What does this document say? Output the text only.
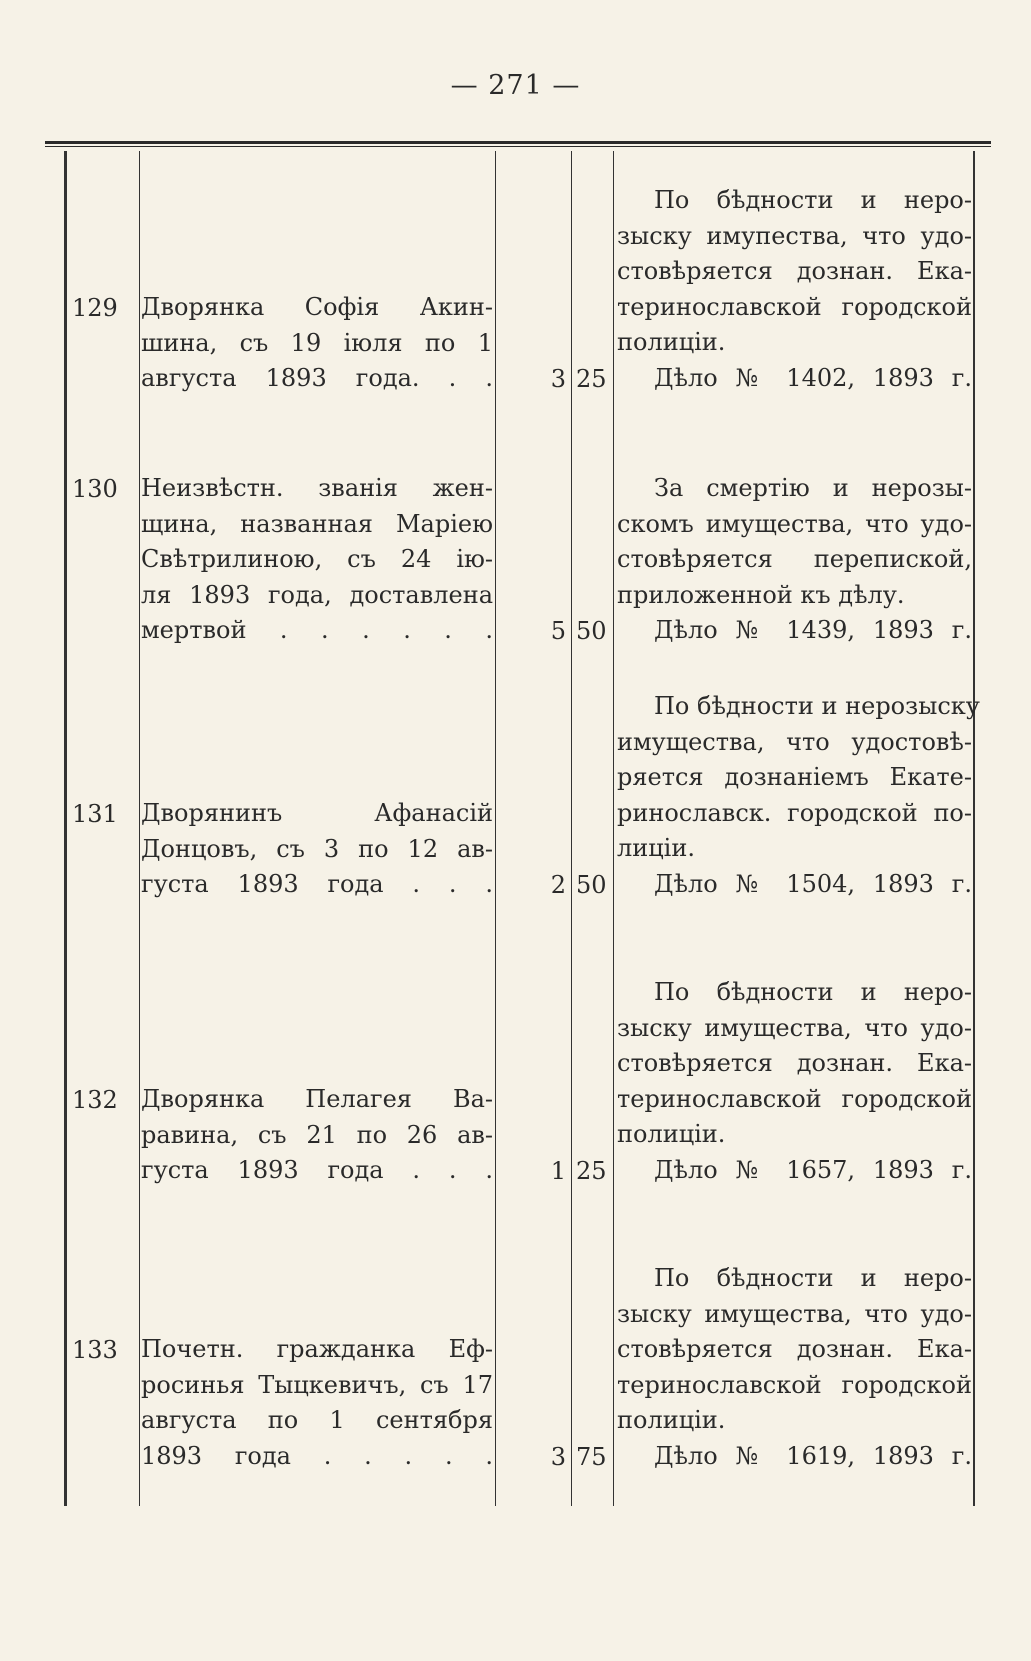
— 271 —
129 Дворянка Софія Акин-
шина, съ 19 іюля по 1
августа 1893 года. . .	3 25
По бѣдности и неро-
зыску имупества, что удо-
стовѣряется дознан. Ека-
теринославской городской
полиціи.
Дѣло № 1402, 1893 г.
130 Неизвѣстн. званія жен-
щина, названная Маріею
Свѣтрилиною, съ 24 ію-
ля 1893 года, доставлена
мертвой . . . . . .	5 50
За смертію и нерозы-
скомъ имущества, что удо-
стовѣряется перепиской,
приложенной къ дѣлу.
Дѣло № 1439, 1893 г.
131 Дворянинъ Афанасій
Донцовъ, съ 3 по 12 ав-
густа 1893 года . . .	2 50
По бѣдности и нерозыску
имущества, что удостовѣ-
ряется дознаніемъ Екате-
ринославск. городской по-
лиціи.
Дѣло № 1504, 1893 г.
132 Дворянка Пелагея Ва-
равина, съ 21 по 26 ав-
густа 1893 года . . .	1 25
По бѣдности и неро-
зыску имущества, что удо-
стовѣряется дознан. Ека-
теринославской городской
полиціи.
Дѣло № 1657, 1893 г.
133 Почетн. гражданка Еф-
росинья Тыцкевичъ, съ 17
августа по 1 сентября
1893 года . . . . .	3 75
По бѣдности и неро-
зыску имущества, что удо-
стовѣряется дознан. Ека-
теринославской городской
полиціи.
Дѣло № 1619, 1893 г.
